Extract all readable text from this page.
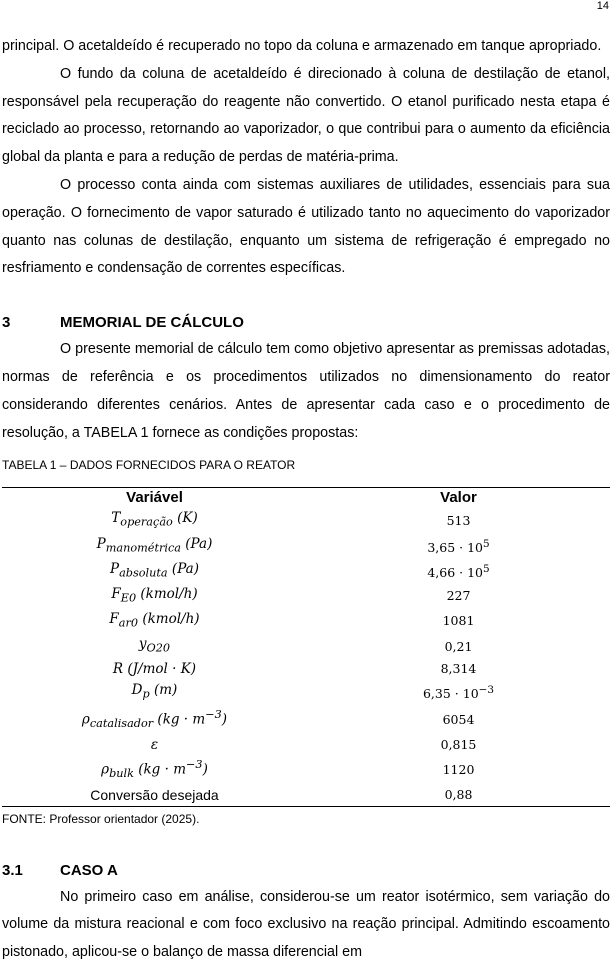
14

principal. O acetaldeído é recuperado no topo da coluna e armazenado em tanque apropriado.

O fundo da coluna de acetaldeído é direcionado à coluna de destilação de etanol, responsável pela recuperação do reagente não convertido. O etanol purificado nesta etapa é reciclado ao processo, retornando ao vaporizador, o que contribui para o aumento da eficiência global da planta e para a redução de perdas de matéria-prima.

O processo conta ainda com sistemas auxiliares de utilidades, essenciais para sua operação. O fornecimento de vapor saturado é utilizado tanto no aquecimento do vaporizador quanto nas colunas de destilação, enquanto um sistema de refrigeração é empregado no resfriamento e condensação de correntes específicas.

3	MEMORIAL DE CÁLCULO

O presente memorial de cálculo tem como objetivo apresentar as premissas adotadas, normas de referência e os procedimentos utilizados no dimensionamento do reator considerando diferentes cenários. Antes de apresentar cada caso e o procedimento de resolução, a TABELA 1 fornece as condições propostas:

TABELA 1 – DADOS FORNECIDOS PARA O REATOR
Variável	Valor
$T_{operação}$ (K)	513
$P_{manométrica}$ (Pa)	$3,65 \cdot 10^5$
$P_{absoluta}$ (Pa)	$4,66 \cdot 10^5$
$F_{E0}$ (kmol/h)	227
$F_{ar0}$ (kmol/h)	1081
$y_{O20}$	0,21
R (J/mol · K)	8,314
$D_p$ (m)	$6,35 \cdot 10^{-3}$
$\rho_{catalisador}$ $(kg \cdot m^{-3})$	6054
ε	0,815
$\rho_{bulk}$ $(kg \cdot m^{-3})$	1120
Conversão desejada	0,88
FONTE: Professor orientador (2025).
3.1 CASO A

No primeiro caso em análise, considerou-se um reator isotérmico, sem variação do volume da mistura reacional e com foco exclusivo na reação principal. Admitindo escoamento pistonado, aplicou-se o balanço de massa diferencial em
